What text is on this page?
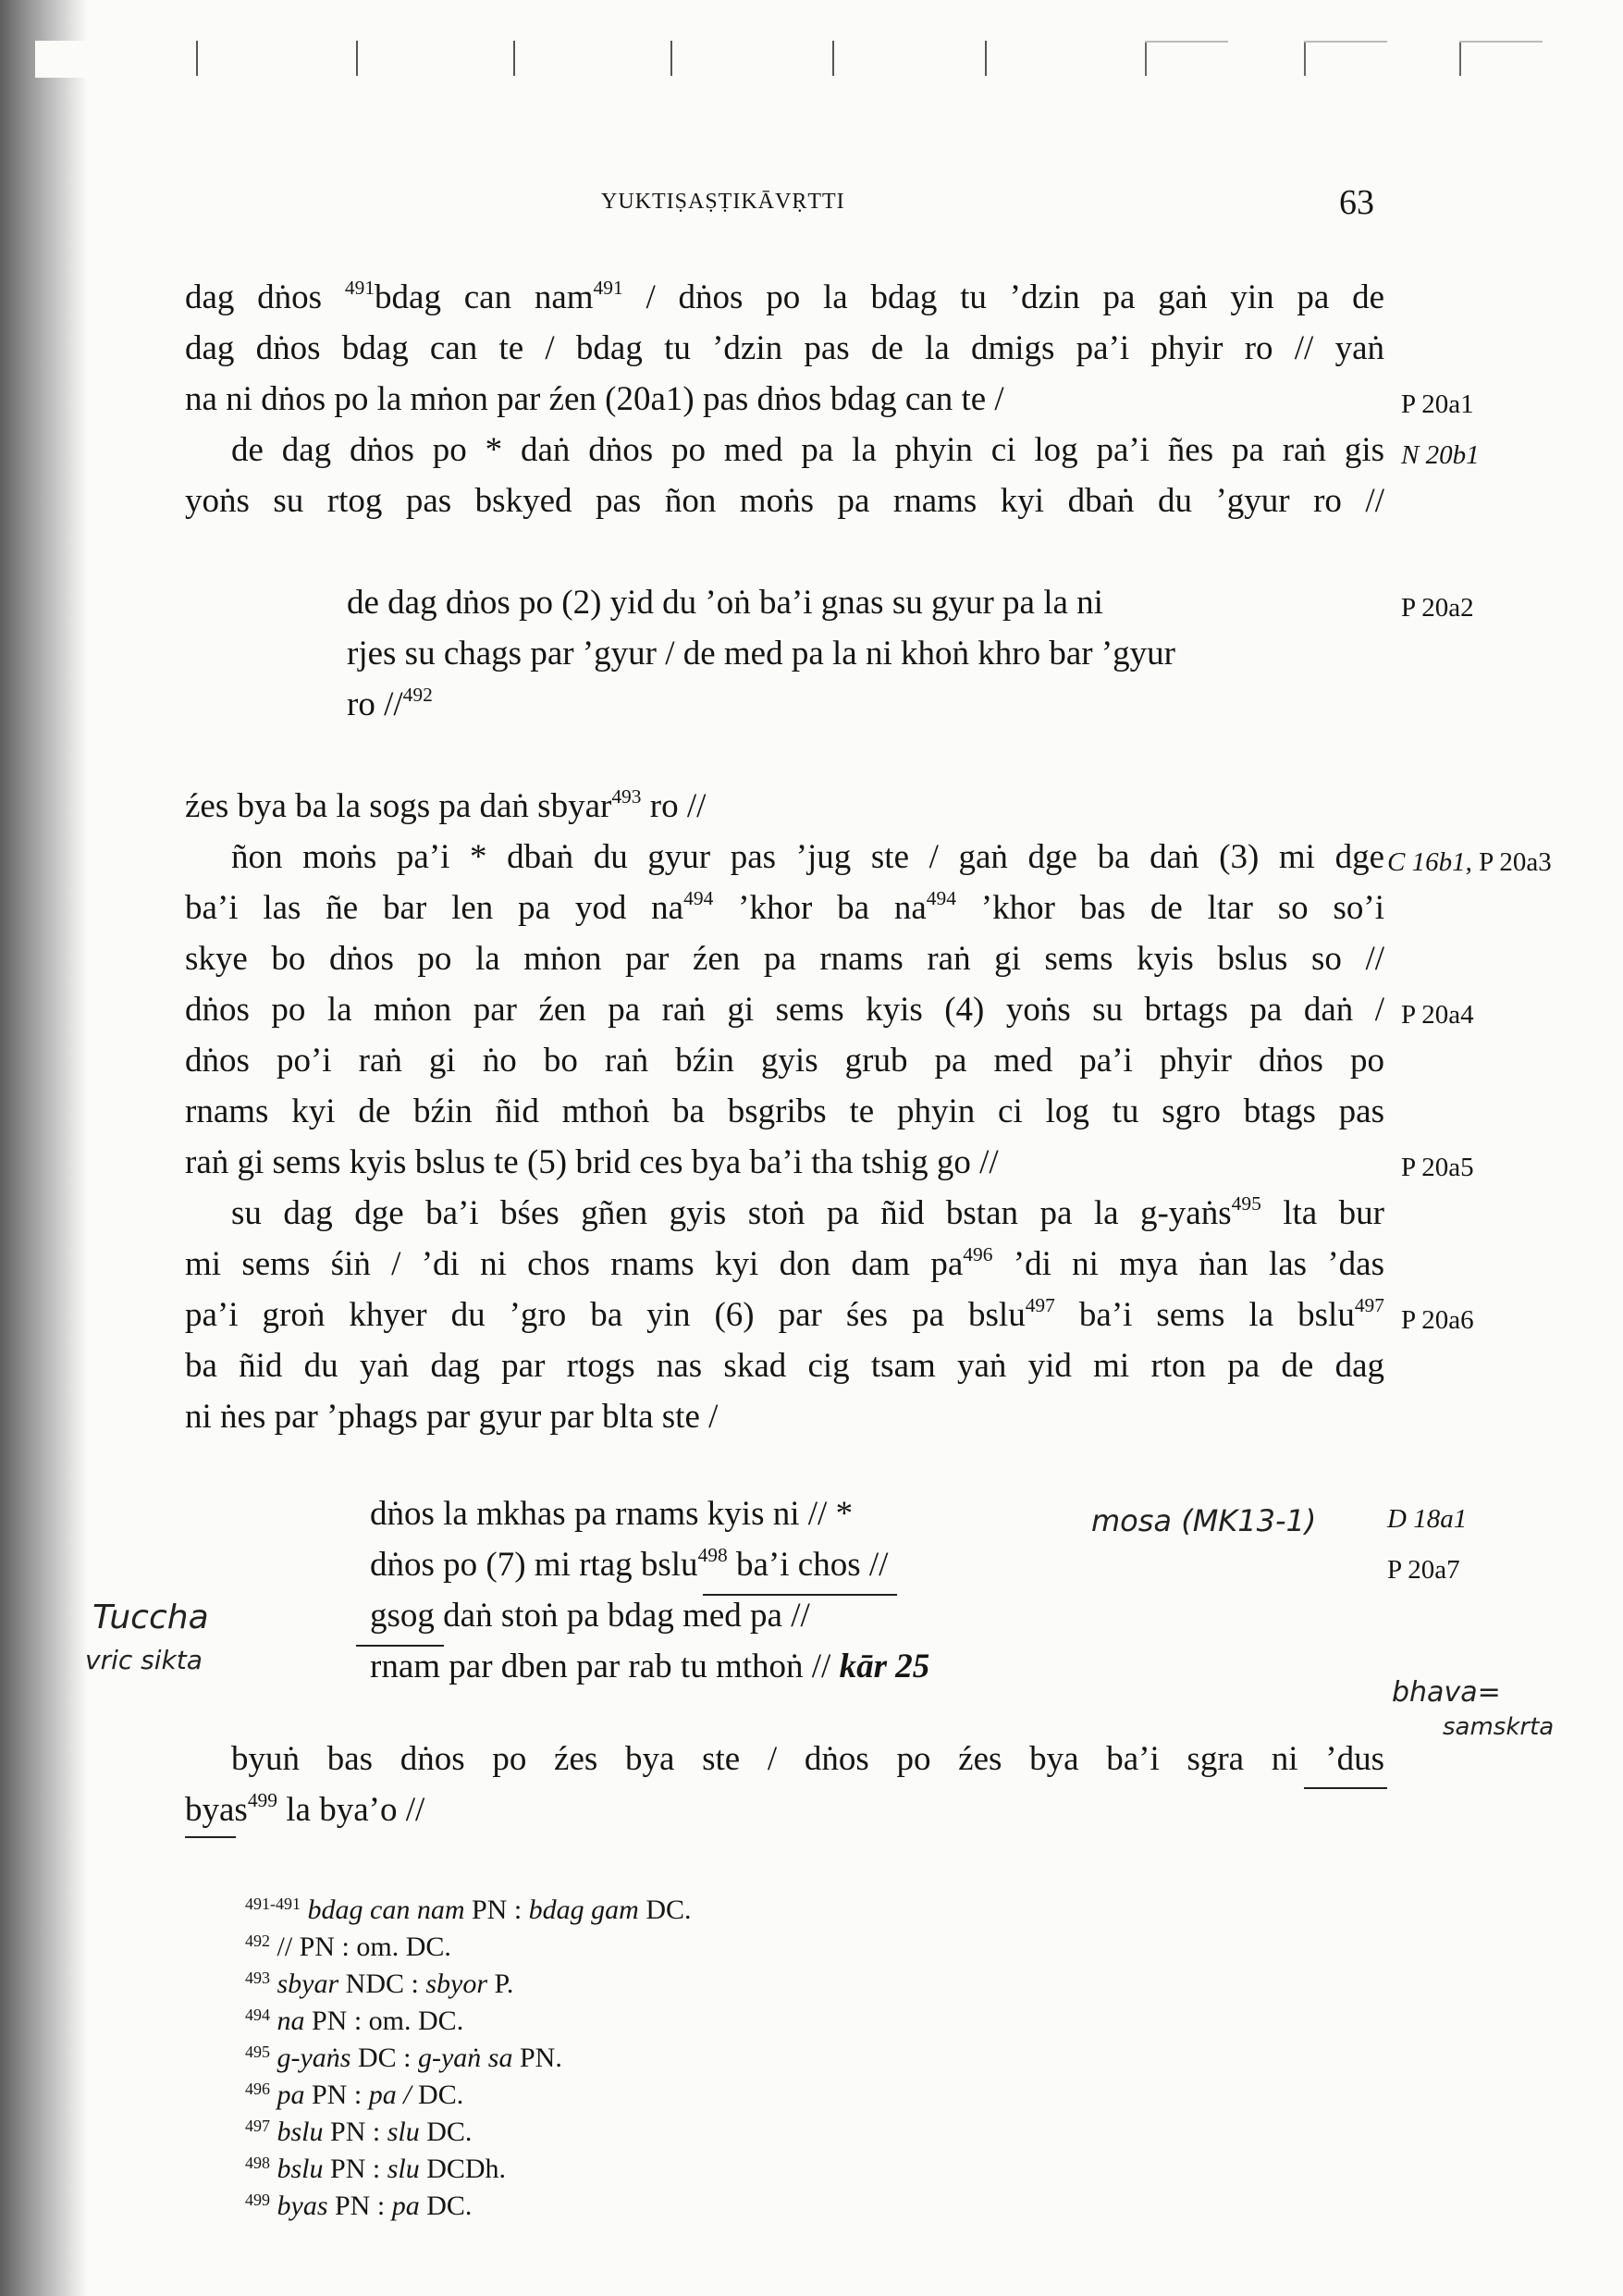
YUKTIṢAṢṬIKĀVṚTTI	63
dag dṅos $^{491}$bdag can nam$^{491}$ / dṅos po la bdag tu ’dzin pa gaṅ yin pa de
dag dṅos bdag can te / bdag tu ’dzin pas de la dmigs pa’i phyir ro // yaṅ
na ni dṅos po la mṅon par źen (20a1) pas dṅos bdag can te /
de dag dṅos po * daṅ dṅos po med pa la phyin ci log pa’i ñes pa raṅ gis
yoṅs su rtog pas bskyed pas ñon moṅs pa rnams kyi dbaṅ du ’gyur ro //
de dag dṅos po (2) yid du ’oṅ ba’i gnas su gyur pa la ni
rjes su chags par ’gyur / de med pa la ni khoṅ khro bar ’gyur
ro //$^{492}$
źes bya ba la sogs pa daṅ sbyar$^{493}$ ro //
ñon moṅs pa’i * dbaṅ du gyur pas ’jug ste / gaṅ dge ba daṅ (3) mi dge
ba’i las ñe bar len pa yod $na^{494}$ ’khor ba $na^{494}$ ’khor bas de ltar so so’i
skye bo dṅos po la mṅon par źen pa rnams raṅ gi sems kyis bslus so //
dṅos po la mṅon par źen pa raṅ gi sems kyis (4) yoṅs su brtags pa daṅ /
dṅos po’i raṅ gi ṅo bo raṅ bźin gyis grub pa med pa’i phyir dṅos po
rnams kyi de bźin ñid mthoṅ ba bsgribs te phyin ci log tu sgro btags pas
raṅ gi sems kyis bslus te (5) brid ces bya ba’i tha tshig go //
su dag dge ba’i bśes gñen gyis stoṅ pa ñid bstan pa la g-yaṅs$^{495}$ lta bur
mi sems śiṅ / ’di ni chos rnams kyi don dam $pa^{496}$ ’di ni mya ṅan las ’das
pa’i groṅ khyer du ’gro ba yin (6) par śes pa bslu$^{497}$ ba’i sems la bslu$^{497}$
ba ñid du yaṅ dag par rtogs nas skad cig tsam yaṅ yid mi rton pa de dag
ni ṅes par ’phags par gyur par blta ste /
dṅos la mkhas pa rnams kyis ni // *
dṅos po (7) mi rtag bslu$^{498}$ ba’i chos //
gsog daṅ stoṅ pa bdag med pa //
rnam par dben par rab tu mthoṅ // kār 25
byuṅ bas dṅos po źes bya ste / dṅos po źes bya ba’i sgra ni ’dus
byas$^{499}$ la bya’o //
P 20a1
N 20b1
P 20a2
C 16b1, P 20a3
P 20a4
P 20a5
P 20a6
D 18a1
P 20a7
mosa (MK13-1)
Tuccha
vric sikta
bhava=
samskrta
$^{491-491}$ bdag can nam PN : bdag gam DC.
$^{492}$ // PN : om. DC.
$^{493}$ sbyar NDC : sbyor P.
$^{494}$ na PN : om. DC.
$^{495}$ g-yaṅs DC : g-yaṅ sa PN.
$^{496}$ pa PN : pa / DC.
$^{497}$ bslu PN : slu DC.
$^{498}$ bslu PN : slu DCDh.
$^{499}$ byas PN : pa DC.
